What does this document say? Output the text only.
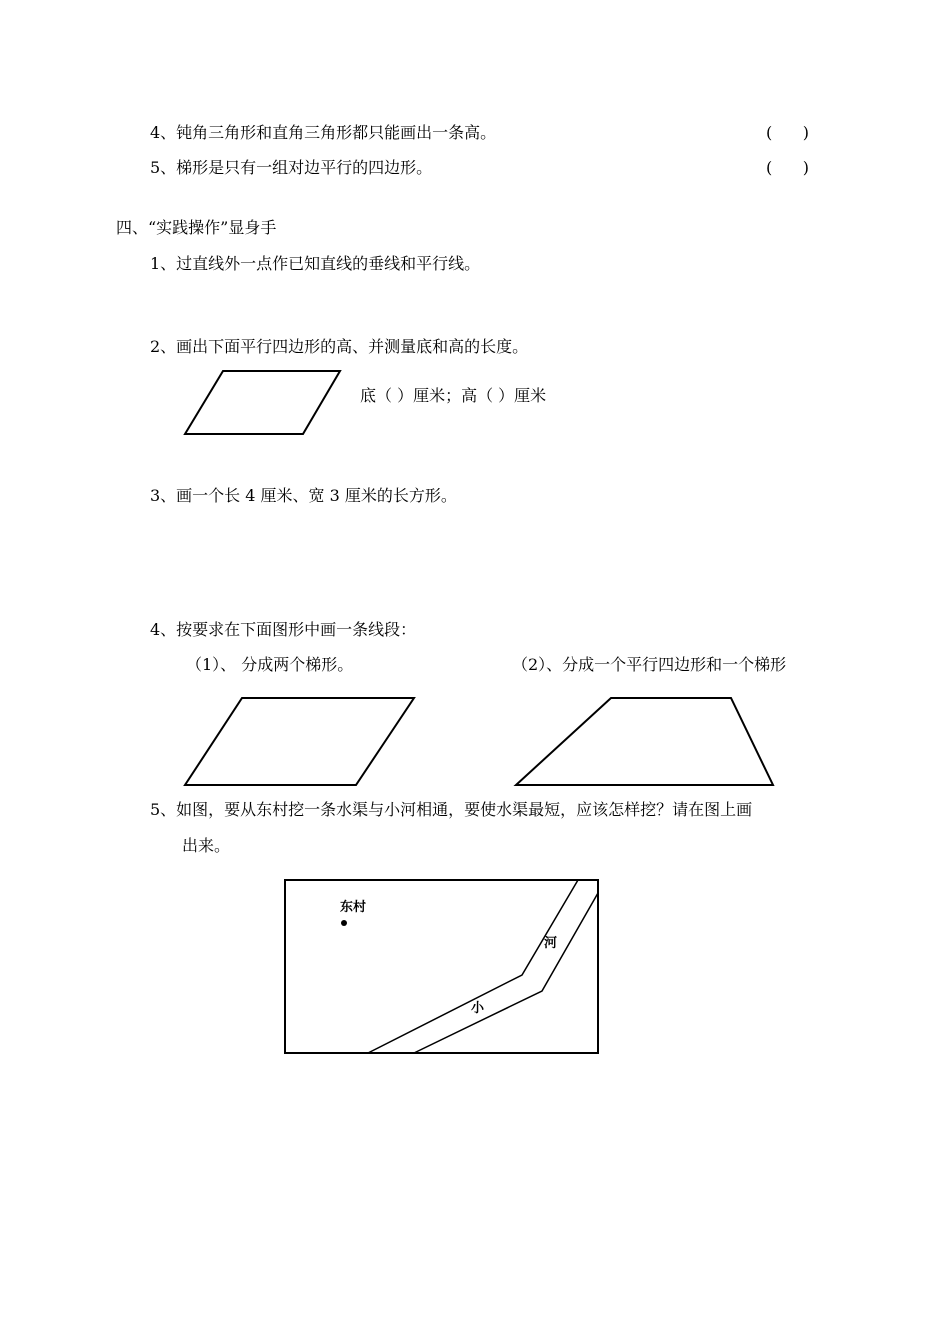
4、钝角三角形和直角三角形都只能画出一条高。	(      )
5、梯形是只有一组对边平行的四边形。	(      )
四、“实践操作”显身手
1、过直线外一点作已知直线的垂线和平行线。
2、画出下面平行四边形的高、并测量底和高的长度。
底（ ）厘米；高（ ）厘米
3、画一个长 4 厘米、宽 3 厘米的长方形。
4、按要求在下面图形中画一条线段：
（1）、 分成两个梯形。	（2）、分成一个平行四边形和一个梯形
5、如图，要从东村挖一条水渠与小河相通，要使水渠最短，应该怎样挖？请在图上画
出来。
东村
河
小
